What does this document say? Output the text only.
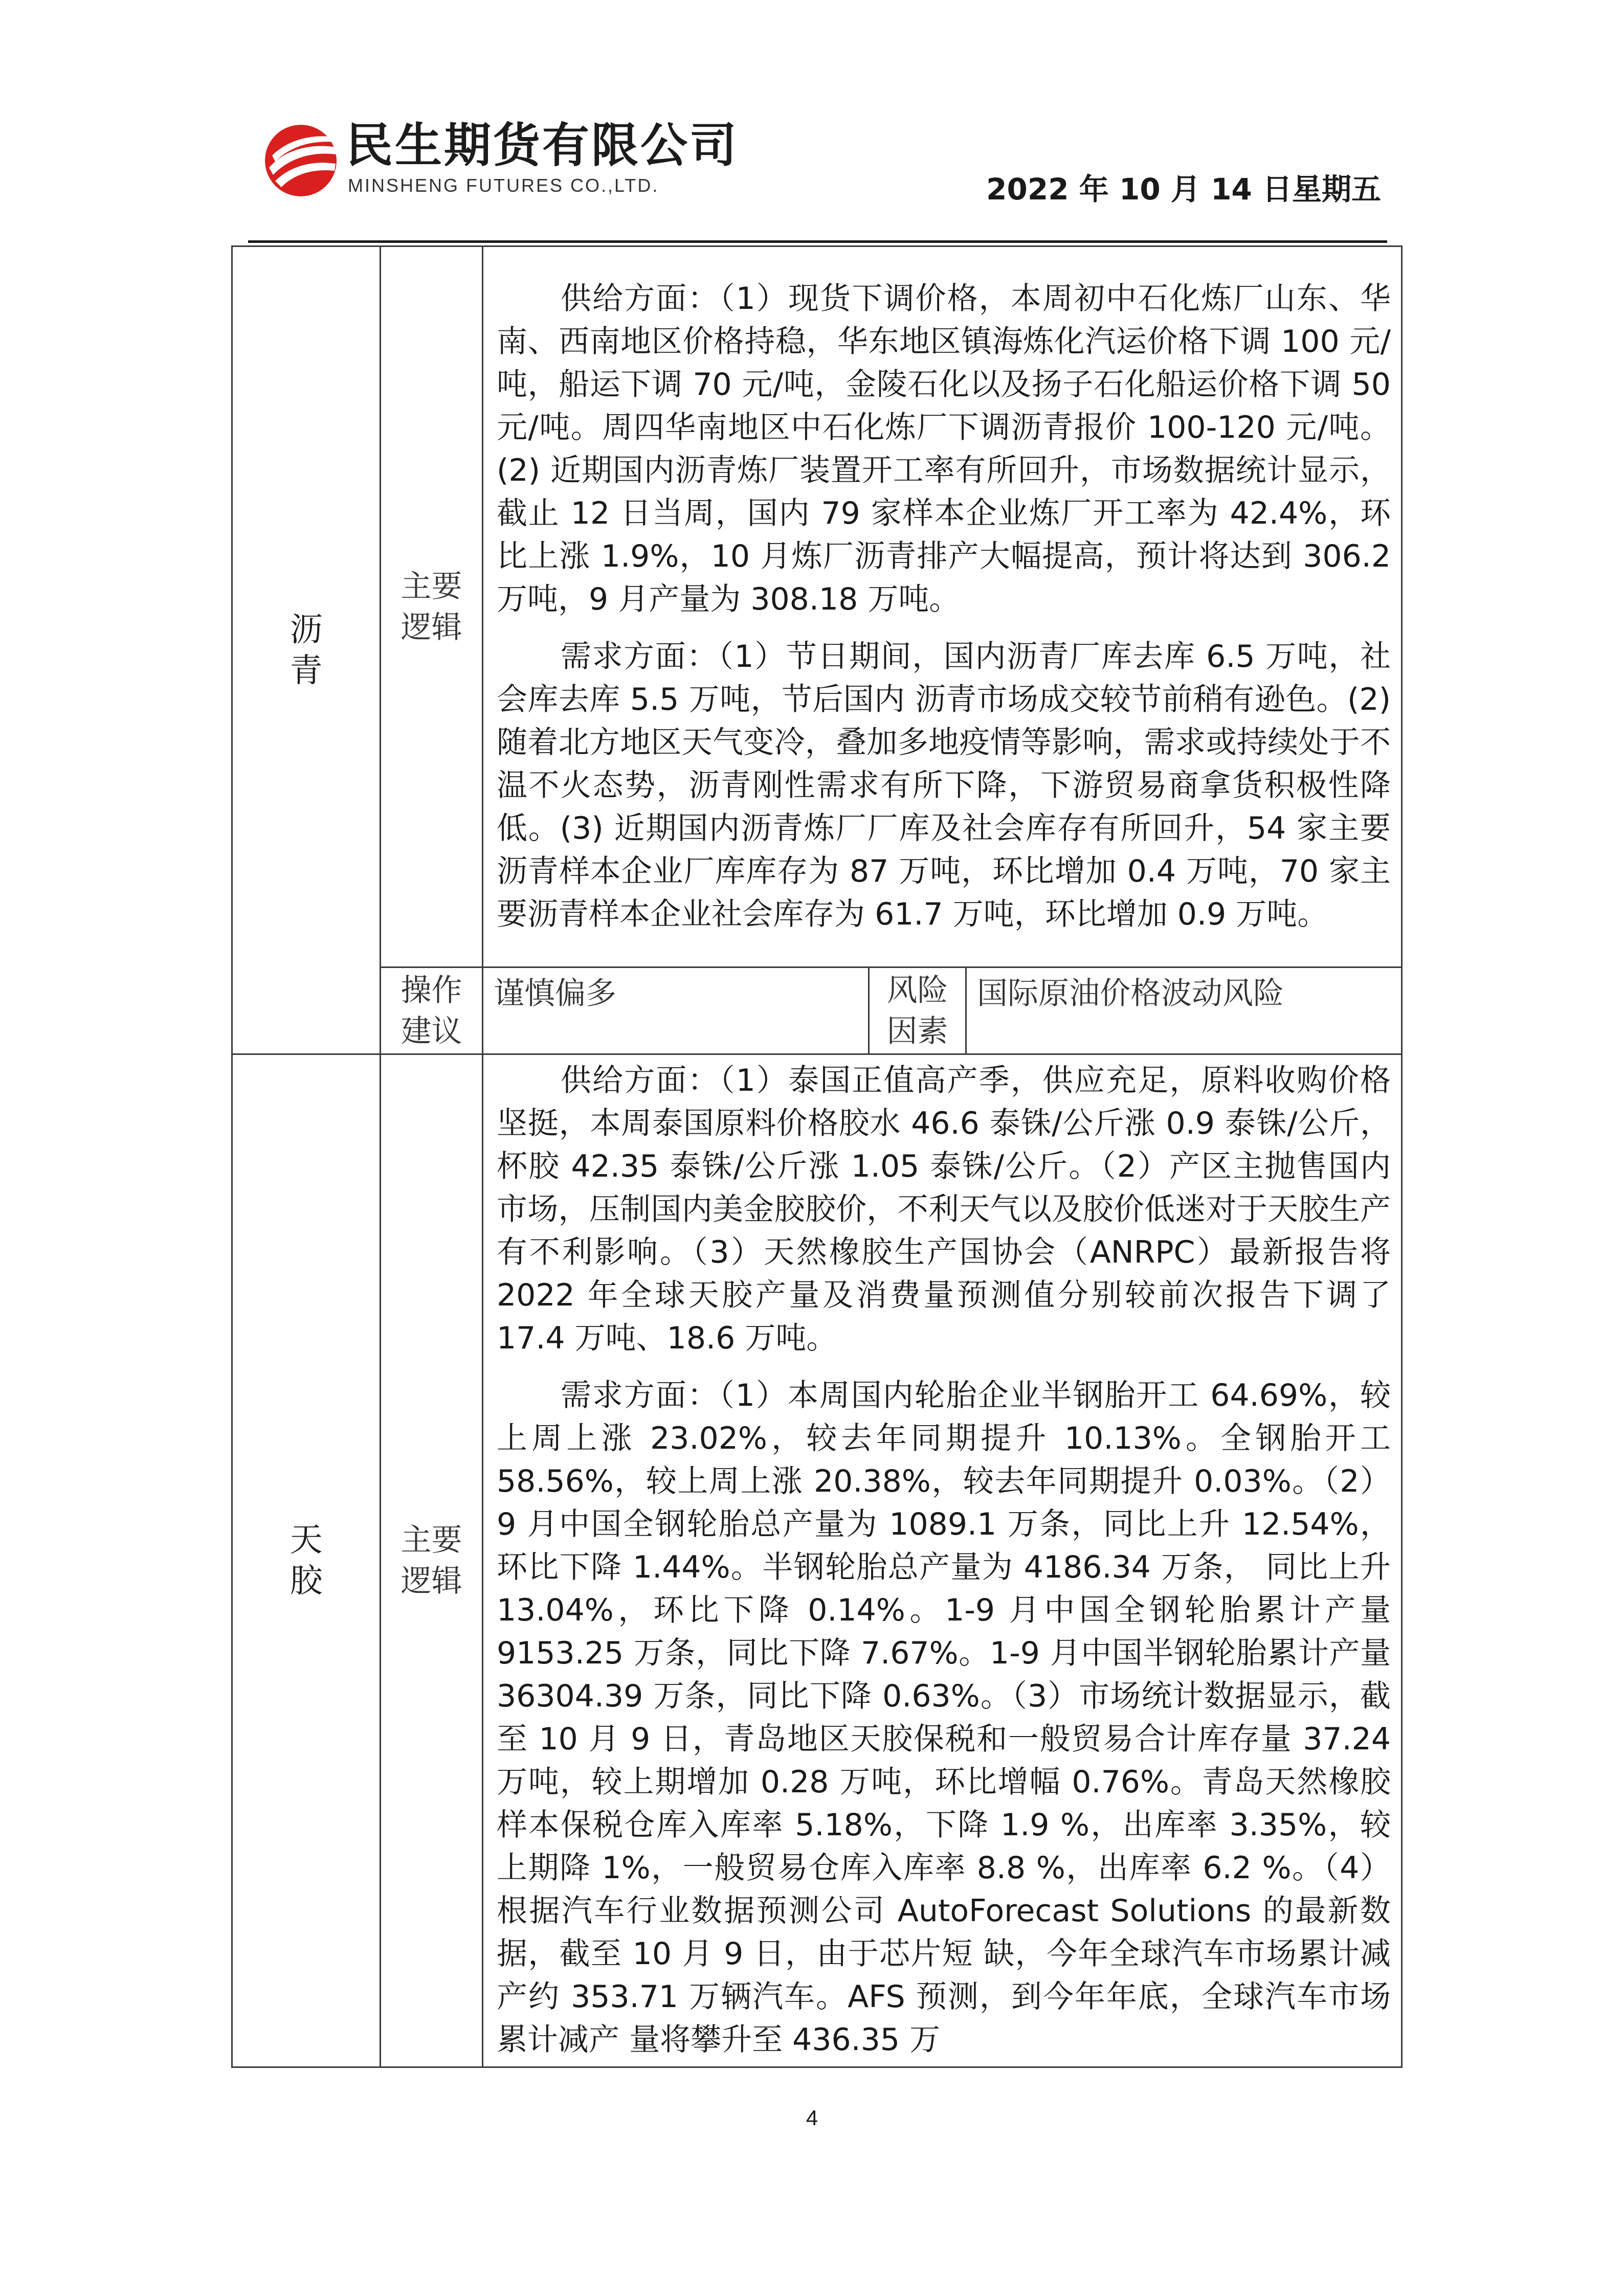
民生期货有限公司
MINSHENG FUTURES CO.,LTD.	2022 年 10 月 14 日星期五
沥青	主要逻辑	供给方面：（1）现货下调价格，本周初中石化炼厂山东、华南、西南地区价格持稳，华东地区镇海炼化汽运价格下调 100 元/吨，船运下调 70 元/吨，金陵石化以及扬子石化船运价格下调 50 元/吨。周四华南地区中石化炼厂下调沥青报价 100-120 元/吨。(2) 近期国内沥青炼厂装置开工率有所回升，市场数据统计显示，截止 12 日当周，国内 79 家样本企业炼厂开工率为 42.4%，环比上涨 1.9%，10 月炼厂沥青排产大幅提高，预计将达到 306.2 万吨，9 月产量为 308.18 万吨。

需求方面：（1）节日期间，国内沥青厂库去库 6.5 万吨，社会库去库 5.5 万吨，节后国内 沥青市场成交较节前稍有逊色。(2) 随着北方地区天气变冷，叠加多地疫情等影响，需求或持续处于不温不火态势，沥青刚性需求有所下降，下游贸易商拿货积极性降低。(3) 近期国内沥青炼厂厂库及社会库存有所回升，54 家主要沥青样本企业厂库库存为 87 万吨，环比增加 0.4 万吨，70 家主要沥青样本企业社会库存为 61.7 万吨，环比增加 0.9 万吨。		

	操作建议	谨慎偏多	风险因素	国际原油价格波动风险
天胶	主要逻辑	供给方面：（1）泰国正值高产季，供应充足，原料收购价格坚挺，本周泰国原料价格胶水 46.6 泰铢/公斤涨 0.9 泰铢/公斤，杯胶 42.35 泰铢/公斤涨 1.05 泰铢/公斤。（2）产区主抛售国内市场，压制国内美金胶胶价，不利天气以及胶价低迷对于天胶生产有不利影响。（3）天然橡胶生产国协会（ANRPC）最新报告将 2022 年全球天胶产量及消费量预测值分别较前次报告下调了 17.4 万吨、18.6 万吨。

需求方面：（1）本周国内轮胎企业半钢胎开工 64.69%，较上周上涨 23.02%，较去年同期提升 10.13%。全钢胎开工 58.56%，较上周上涨 20.38%，较去年同期提升 0.03%。（2）9 月中国全钢轮胎总产量为 1089.1 万条，同比上升 12.54%，环比下降 1.44%。半钢轮胎总产量为 4186.34 万条， 同比上升 13.04%，环比下降 0.14%。1-9 月中国全钢轮胎累计产量 9153.25 万条，同比下降 7.67%。1-9 月中国半钢轮胎累计产量 36304.39 万条，同比下降 0.63%。（3）市场统计数据显示，截至 10 月 9 日，青岛地区天胶保税和一般贸易合计库存量 37.24 万吨，较上期增加 0.28 万吨，环比增幅 0.76%。青岛天然橡胶样本保税仓库入库率 5.18%，下降 1.9 %，出库率 3.35%，较上期降 1%，一般贸易仓库入库率 8.8 %，出库率 6.2 %。（4）根据汽车行业数据预测公司 AutoForecast Solutions 的最新数据，截至 10 月 9 日，由于芯片短 缺，今年全球汽车市场累计减产约 353.71 万辆汽车。AFS 预测，到今年年底，全球汽车市场累计减产 量将攀升至 436.35 万		

4
